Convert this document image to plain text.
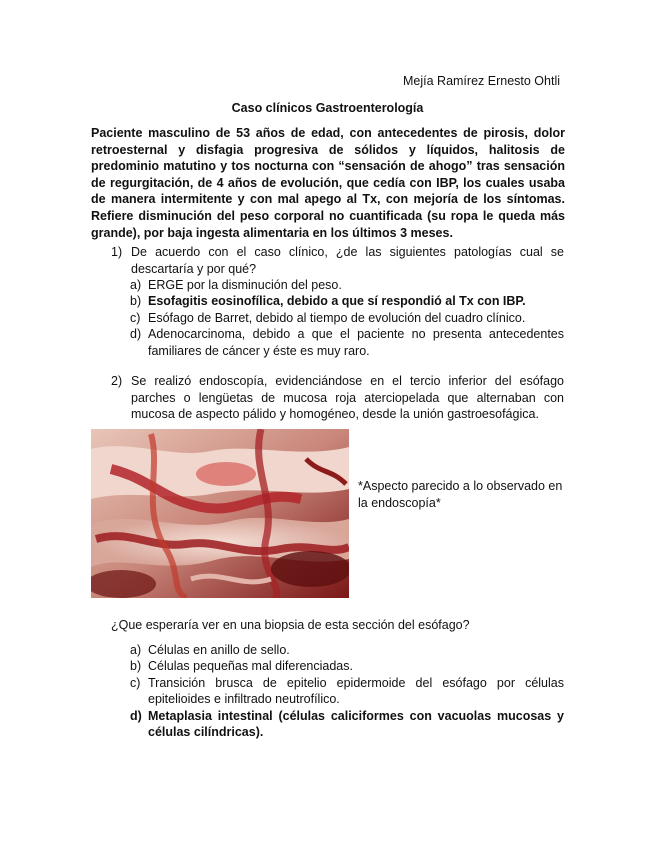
Mejía Ramírez Ernesto Ohtli
Caso clínicos Gastroenterología
Paciente masculino de 53 años de edad, con antecedentes de pirosis, dolor retroesternal y disfagia progresiva de sólidos y líquidos, halitosis de predominio matutino y tos nocturna con “sensación de ahogo” tras sensación de regurgitación, de 4 años de evolución, que cedía con IBP, los cuales usaba de manera intermitente y con mal apego al Tx, con mejoría de los síntomas. Refiere disminución del peso corporal no cuantificada (su ropa le queda más grande), por baja ingesta alimentaria en los últimos 3 meses.
1) De acuerdo con el caso clínico, ¿de las siguientes patologías cual se descartaría y por qué?
a) ERGE por la disminución del peso.
b) Esofagitis eosinofílica, debido a que sí respondió al Tx con IBP.
c) Esófago de Barret, debido al tiempo de evolución del cuadro clínico.
d) Adenocarcinoma, debido a que el paciente no presenta antecedentes familiares de cáncer y éste es muy raro.
2) Se realizó endoscopía, evidenciándose en el tercio inferior del esófago parches o lengüetas de mucosa roja aterciopelada que alternaban con mucosa de aspecto pálido y homogéneo, desde la unión gastroesofágica.
*Aspecto parecido a lo observado en la endoscopía*
¿Que esperaría ver en una biopsia de esta sección del esófago?
a) Células en anillo de sello.
b) Células pequeñas mal diferenciadas.
c) Transición brusca de epitelio epidermoide del esófago por células epitelioides e infiltrado neutrofílico.
d) Metaplasia intestinal (células caliciformes con vacuolas mucosas y células cilíndricas).
